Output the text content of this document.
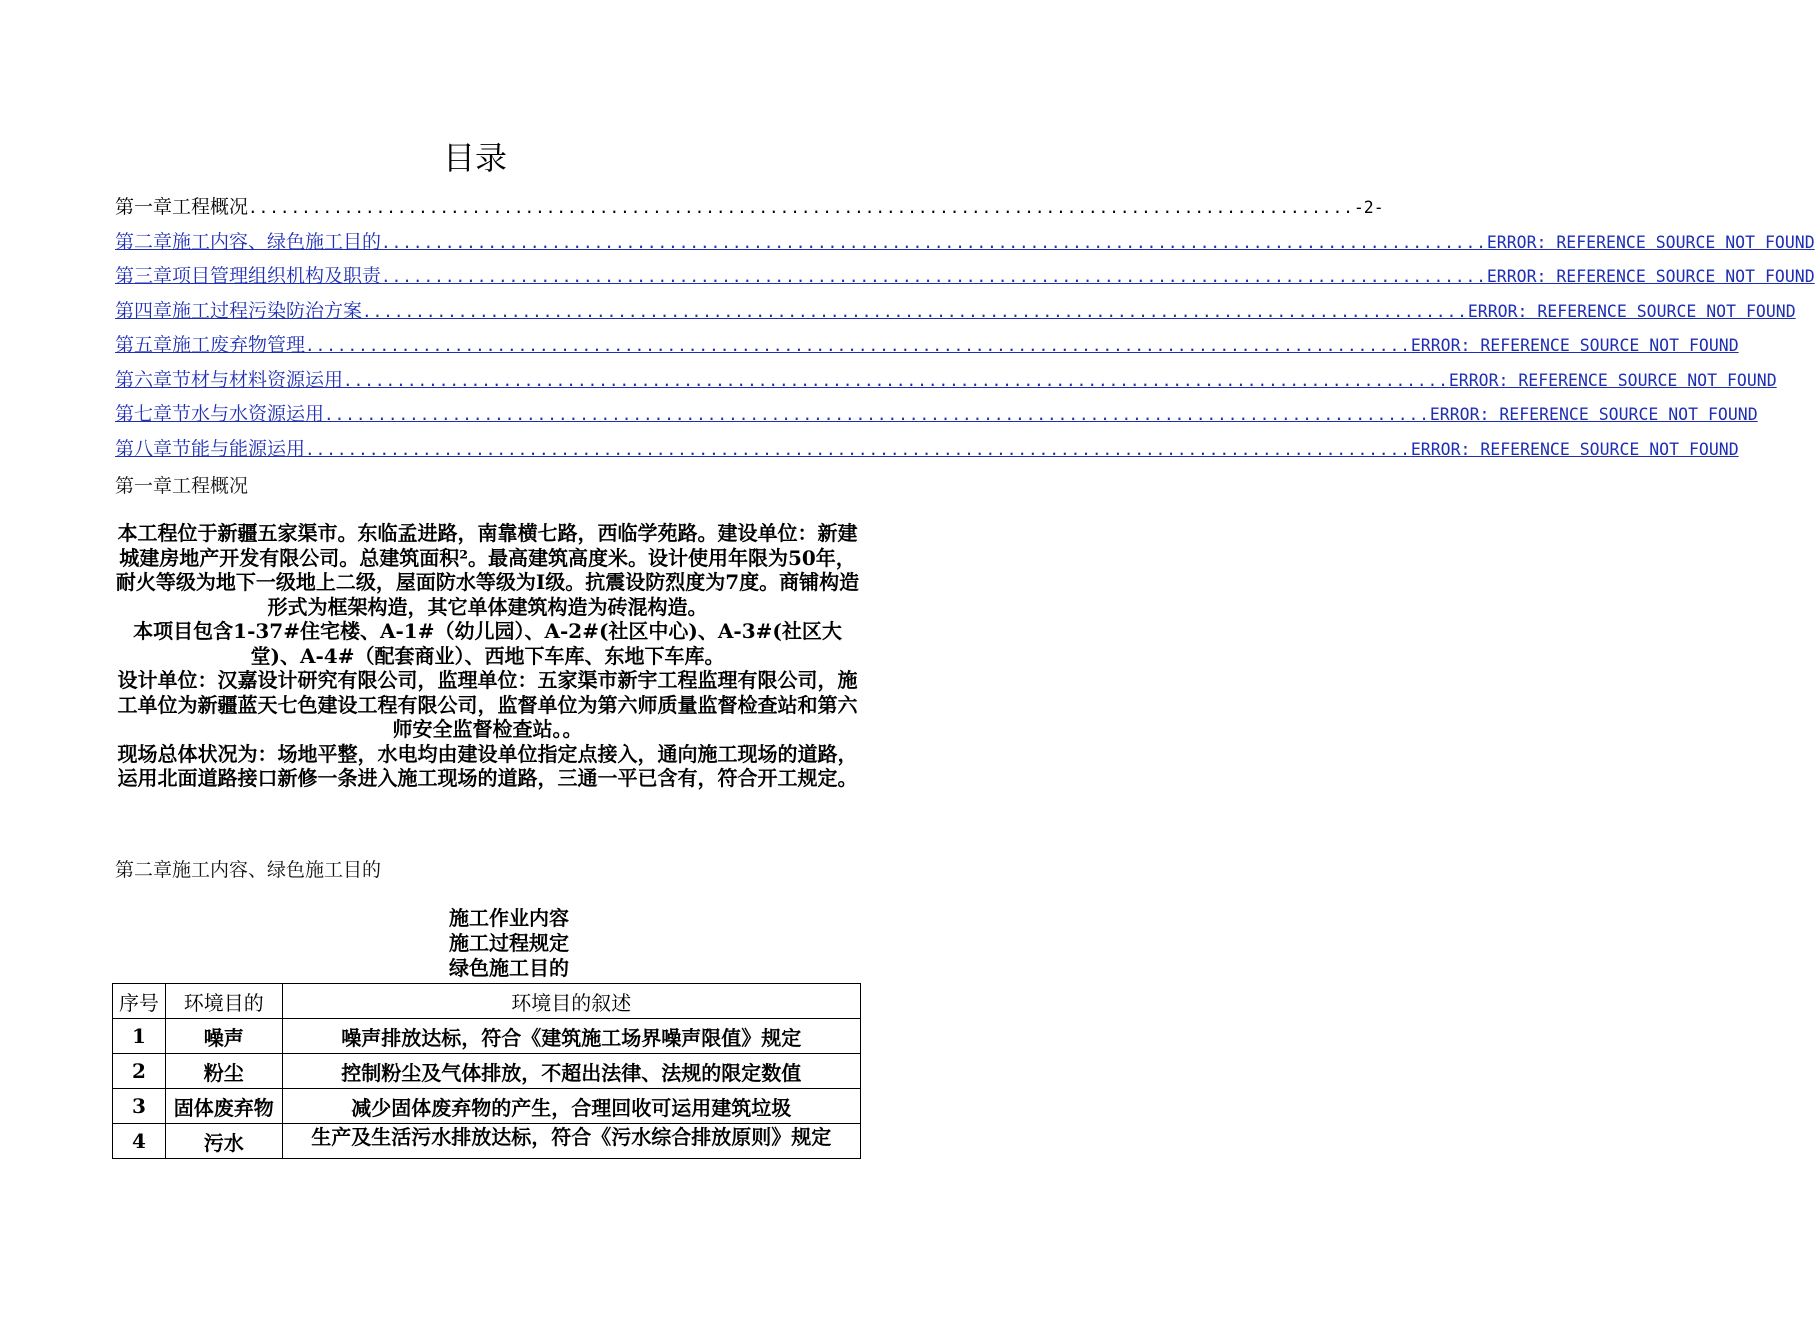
目录
第一章工程概况 ........................................................................................................ -2-
第二章施工内容、绿色施工目的 ........................................................................................................ ERROR: REFERENCE SOURCE NOT FOUND
第三章项目管理组织机构及职责 ........................................................................................................ ERROR: REFERENCE SOURCE NOT FOUND
第四章施工过程污染防治方案 ........................................................................................................ ERROR: REFERENCE SOURCE NOT FOUND
第五章施工废弃物管理 ........................................................................................................ ERROR: REFERENCE SOURCE NOT FOUND
第六章节材与材料资源运用 ........................................................................................................ ERROR: REFERENCE SOURCE NOT FOUND
第七章节水与水资源运用 ........................................................................................................ ERROR: REFERENCE SOURCE NOT FOUND
第八章节能与能源运用 ........................................................................................................ ERROR: REFERENCE SOURCE NOT FOUND
第一章工程概况

本工程位于新疆五家渠市。东临孟进路，南靠横七路，西临学苑路。建设单位：新建城建房地产开发有限公司。总建筑面积²。最高建筑高度米。设计使用年限为50年，耐火等级为地下一级地上二级，屋面防水等级为Ⅰ级。抗震设防烈度为7度。商铺构造形式为框架构造，其它单体建筑构造为砖混构造。

本项目包含1-37#住宅楼、A-1#（幼儿园）、A-2#(社区中心)、A-3#(社区大堂)、A-4#（配套商业）、西地下车库、东地下车库。

设计单位：汉嘉设计研究有限公司，监理单位：五家渠市新宇工程监理有限公司，施工单位为新疆蓝天七色建设工程有限公司，监督单位为第六师质量监督检查站和第六师安全监督检查站。。

现场总体状况为：场地平整，水电均由建设单位指定点接入，通向施工现场的道路，运用北面道路接口新修一条进入施工现场的道路，三通一平已含有，符合开工规定。

第二章施工内容、绿色施工目的
施工作业内容
施工过程规定
绿色施工目的
序号	环境目的	环境目的叙述
1	噪声	噪声排放达标，符合《建筑施工场界噪声限值》规定
2	粉尘	控制粉尘及气体排放，不超出法律、法规的限定数值
3	固体废弃物	减少固体废弃物的产生，合理回收可运用建筑垃圾
4	污水	生产及生活污水排放达标，符合《污水综合排放原则》规定
